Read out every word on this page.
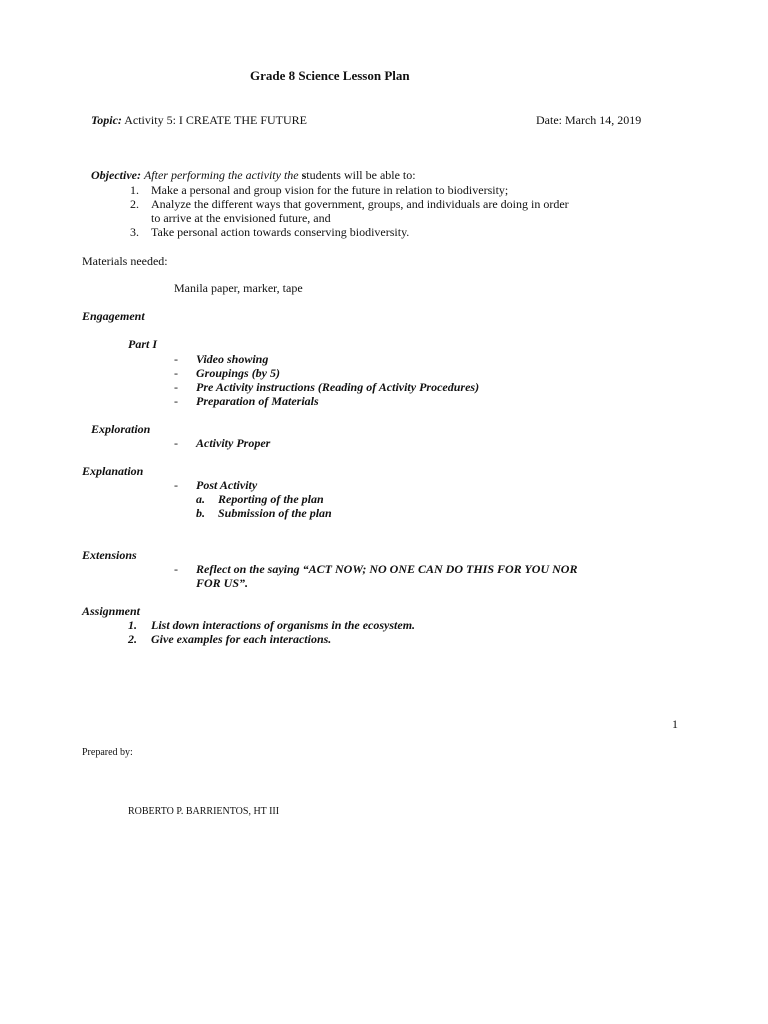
Grade 8 Science Lesson Plan
Topic: Activity 5: I CREATE THE FUTURE	Date: March 14, 2019
Objective: After performing the activity the students will be able to:
1. Make a personal and group vision for the future in relation to biodiversity;
2. Analyze the different ways that government, groups, and individuals are doing in order
to arrive at the envisioned future, and
3. Take personal action towards conserving biodiversity.
Materials needed:
Manila paper, marker, tape
Engagement
Part I
- Video showing
- Groupings (by 5)
- Pre Activity instructions (Reading of Activity Procedures)
- Preparation of Materials
Exploration
- Activity Proper
Explanation
- Post Activity
a. Reporting of the plan
b. Submission of the plan
Extensions
- Reflect on the saying “ACT NOW; NO ONE CAN DO THIS FOR YOU NOR
FOR US”.
Assignment
1. List down interactions of organisms in the ecosystem.
2. Give examples for each interactions.
1
Prepared by:
ROBERTO P. BARRIENTOS, HT III
